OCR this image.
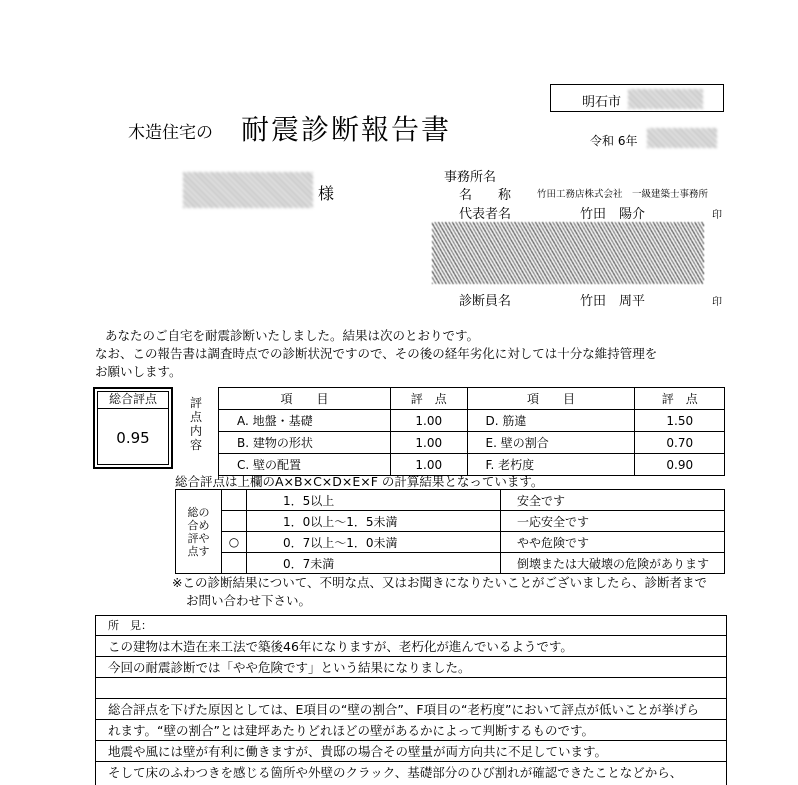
明石市
令和 6年
木造住宅の 耐震診断報告書
様
事務所名
名　　称	竹田工務店株式会社　一級建築士事務所
代表者名	竹田　陽介	印
診断員名	竹田　周平	印
あなたのご自宅を耐震診断いたしました。結果は次のとおりです。
なお、この報告書は調査時点での診断状況ですので、その後の経年劣化に対しては十分な維持管理を
お願いします。
総合評点
0.95
評
点
内
容
項　　目	評　点	項　　目	評　点
A. 地盤・基礎	1.00	D. 筋違	1.50
B. 建物の形状	1.00	E. 壁の割合	0.70
C. 壁の配置	1.00	F. 老朽度	0.90
総合評点は上欄のA×B×C×D×E×F の計算結果となっています。
総の
合め
評や
点す		1．5以上	安全です
		1．0以上～1．5未満	一応安全です
	○	0．7以上～1．0未満	やや危険です
		0．7未満	倒壊または大破壊の危険があります
※この診断結果について、不明な点、又はお聞きになりたいことがございましたら、診断者まで
お問い合わせ下さい。
所　見：
この建物は木造在来工法で築後46年になりますが、老朽化が進んでいるようです。
今回の耐震診断では「やや危険です」という結果になりました。
総合評点を下げた原因としては、E項目の“壁の割合”、F項目の“老朽度”において評点が低いことが挙げら
れます。“壁の割合”とは建坪あたりどれほどの壁があるかによって判断するものです。
地震や風には壁が有利に働きますが、貴邸の場合その壁量が両方向共に不足しています。
そして床のふわつきを感じる箇所や外壁のクラック、基礎部分のひび割れが確認できたことなどから、
